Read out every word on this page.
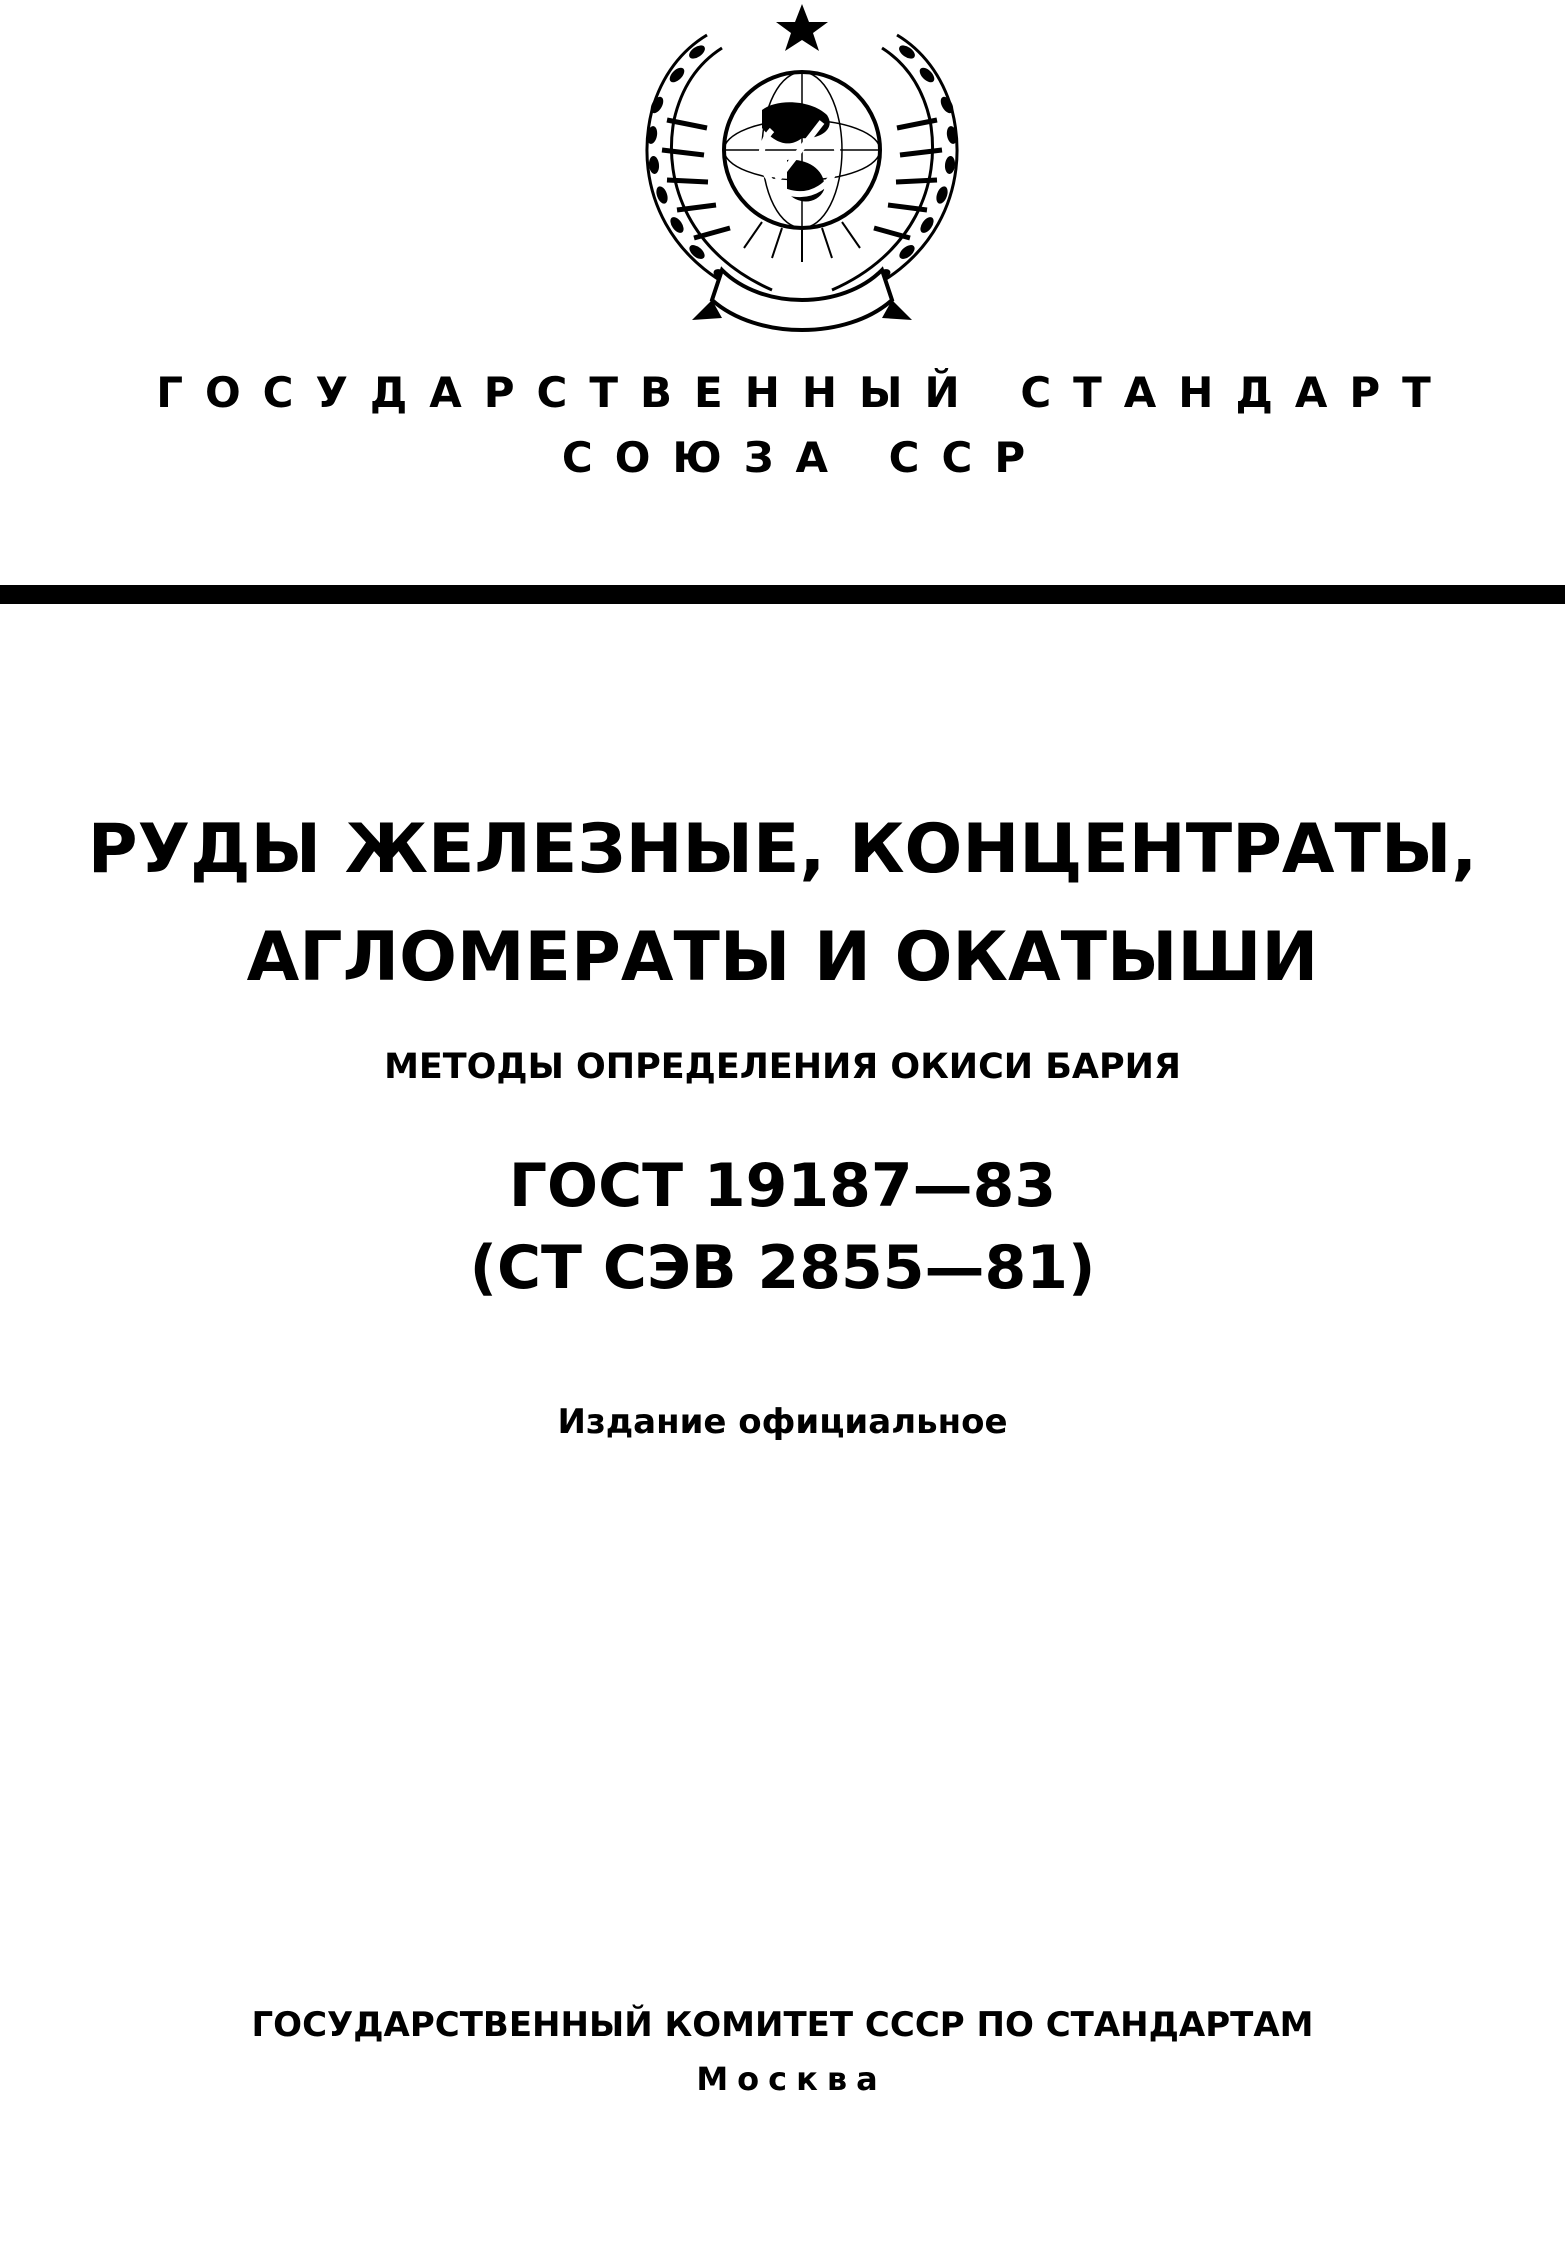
ГОСУДАРСТВЕННЫЙ СТАНДАРТ
СОЮЗА ССР
РУДЫ ЖЕЛЕЗНЫЕ, КОНЦЕНТРАТЫ,
АГЛОМЕРАТЫ И ОКАТЫШИ
МЕТОДЫ ОПРЕДЕЛЕНИЯ ОКИСИ БАРИЯ
ГОСТ 19187—83
(СТ СЭВ 2855—81)
Издание официальное
ГОСУДАРСТВЕННЫЙ КОМИТЕТ СССР ПО СТАНДАРТАМ
Москва
